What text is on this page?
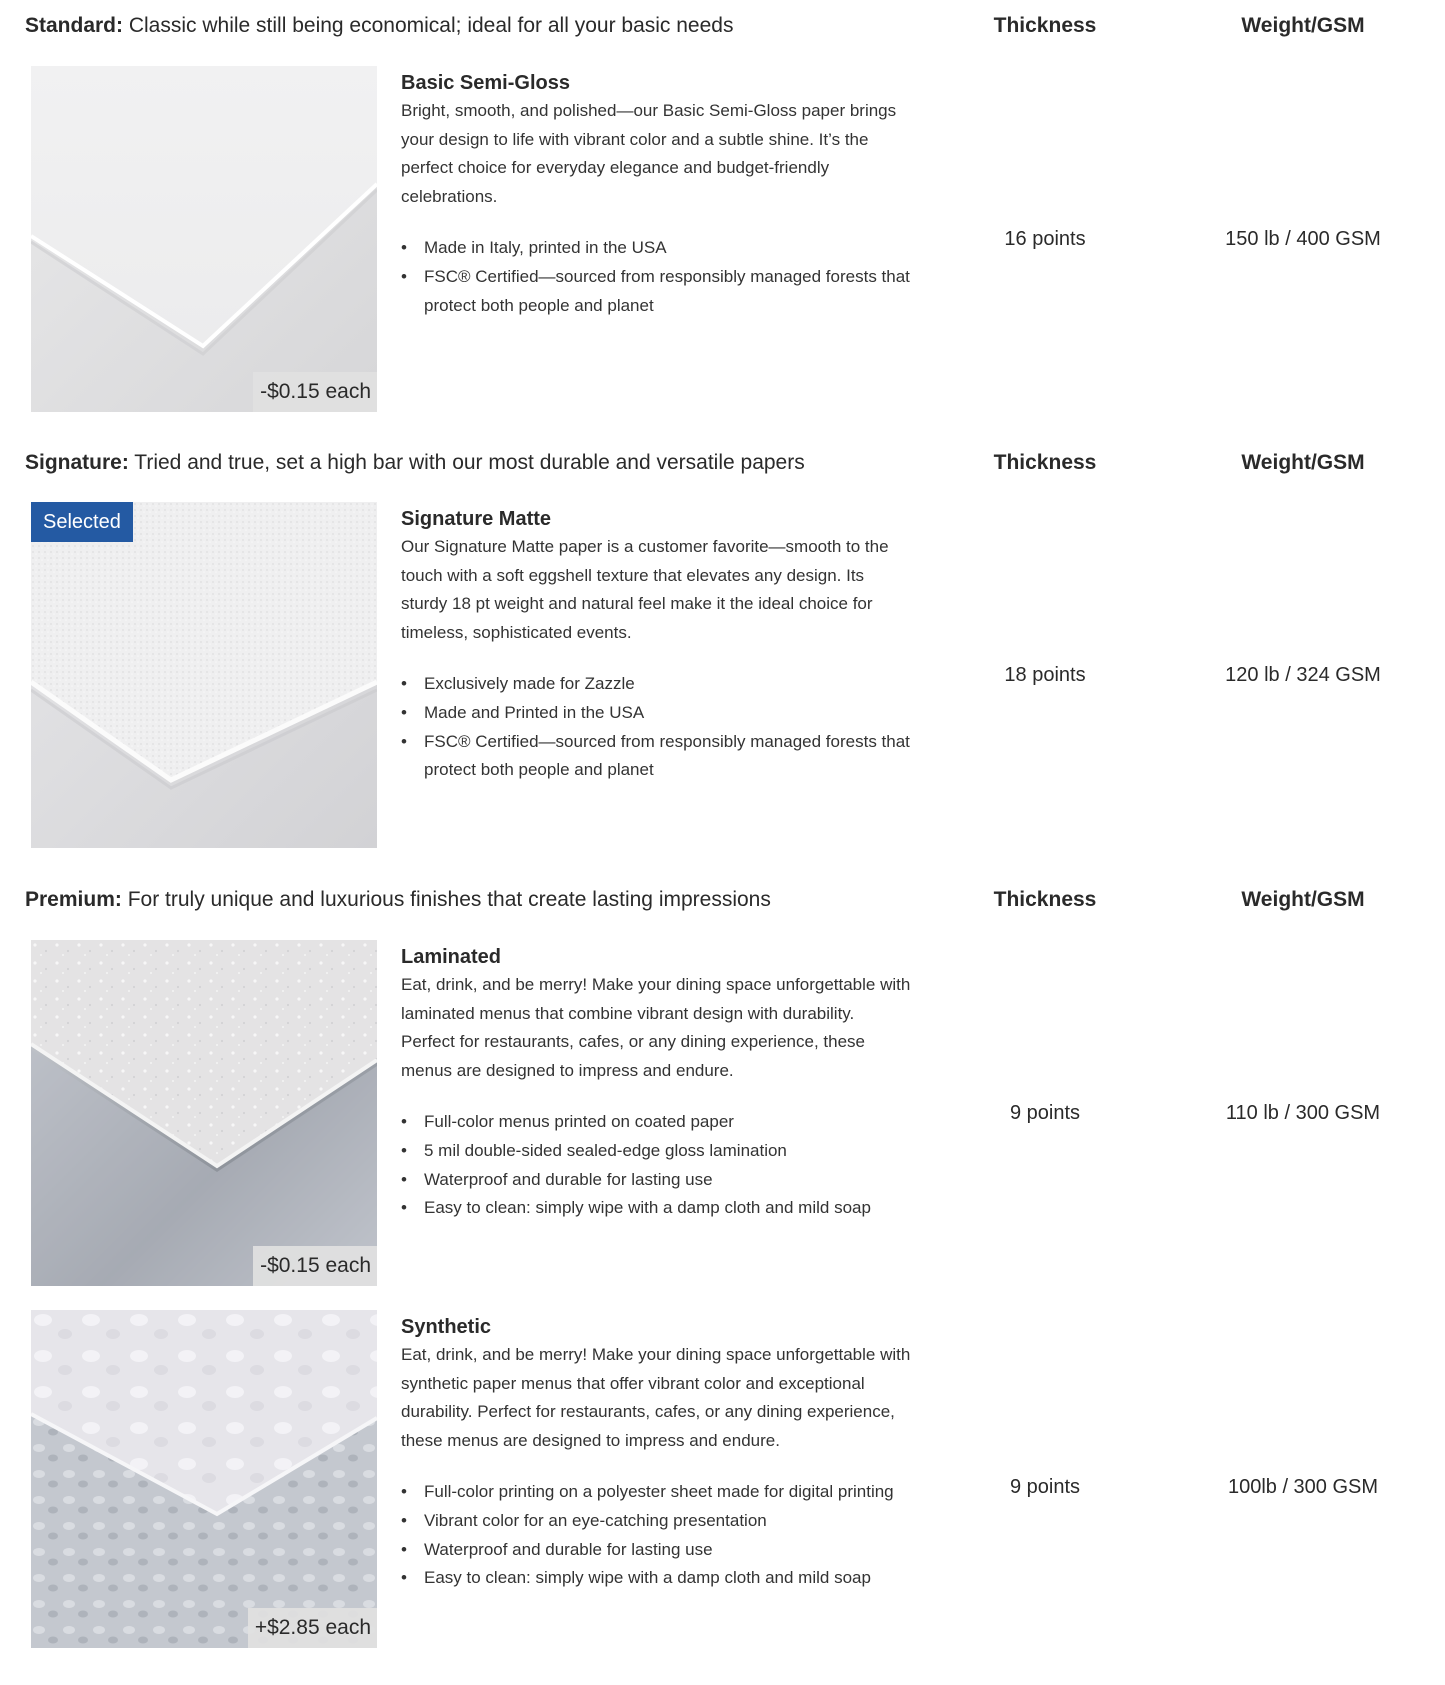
Standard: Classic while still being economical; ideal for all your basic needs	Thickness	Weight/GSM
-$0.15 each
Basic Semi-Gloss
Bright, smooth, and polished—our Basic Semi-Gloss paper brings your design to life with vibrant color and a subtle shine. It’s the perfect choice for everyday elegance and budget-friendly celebrations.
• Made in Italy, printed in the USA
• FSC® Certified—sourced from responsibly managed forests that protect both people and planet
16 points	150 lb / 400 GSM
Signature: Tried and true, set a high bar with our most durable and versatile papers	Thickness	Weight/GSM
Selected	Signature Matte
Our Signature Matte paper is a customer favorite—smooth to the touch with a soft eggshell texture that elevates any design. Its sturdy 18 pt weight and natural feel make it the ideal choice for timeless, sophisticated events.
• Exclusively made for Zazzle
• Made and Printed in the USA
• FSC® Certified—sourced from responsibly managed forests that protect both people and planet
18 points	120 lb / 324 GSM
Premium: For truly unique and luxurious finishes that create lasting impressions	Thickness	Weight/GSM
-$0.15 each
Laminated
Eat, drink, and be merry! Make your dining space unforgettable with laminated menus that combine vibrant design with durability. Perfect for restaurants, cafes, or any dining experience, these menus are designed to impress and endure.
• Full-color menus printed on coated paper
• 5 mil double-sided sealed-edge gloss lamination
• Waterproof and durable for lasting use
• Easy to clean: simply wipe with a damp cloth and mild soap
9 points	110 lb / 300 GSM
+$2.85 each
Synthetic
Eat, drink, and be merry! Make your dining space unforgettable with synthetic paper menus that offer vibrant color and exceptional durability. Perfect for restaurants, cafes, or any dining experience, these menus are designed to impress and endure.
• Full-color printing on a polyester sheet made for digital printing
• Vibrant color for an eye-catching presentation
• Waterproof and durable for lasting use
• Easy to clean: simply wipe with a damp cloth and mild soap
9 points	100lb / 300 GSM
